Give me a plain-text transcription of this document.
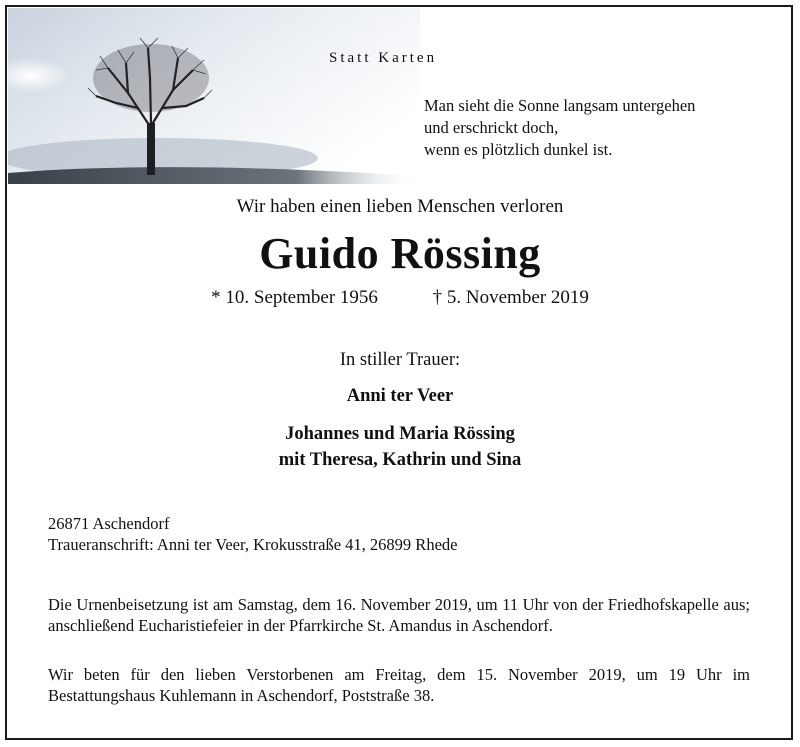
Statt Karten
Man sieht die Sonne langsam untergehen
und erschrickt doch,
wenn es plötzlich dunkel ist.
Wir haben einen lieben Menschen verloren
Guido Rössing
* 10. September 1956	† 5. November 2019
In stiller Trauer:
Anni ter Veer
Johannes und Maria Rössing
mit Theresa, Kathrin und Sina
26871 Aschendorf
Traueranschrift: Anni ter Veer, Krokusstraße 41, 26899 Rhede
Die Urnenbeisetzung ist am Samstag, dem 16. November 2019, um 11 Uhr von der Friedhofskapelle aus; anschließend Eucharistiefeier in der Pfarrkirche St. Amandus in Aschendorf.
Wir beten für den lieben Verstorbenen am Freitag, dem 15. November 2019, um 19 Uhr im Bestattungshaus Kuhlemann in Aschendorf, Poststraße 38.
